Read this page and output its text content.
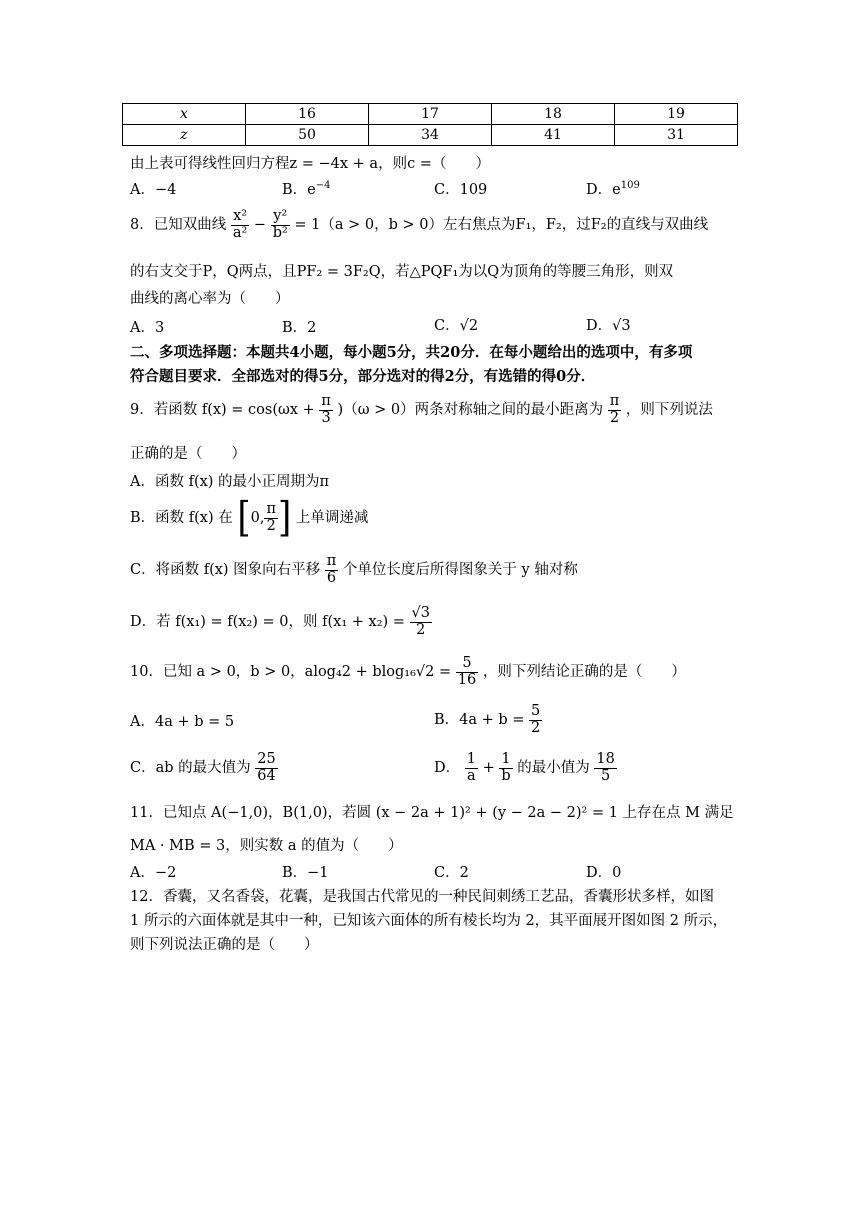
x	16	17	18	19
z	50	34	41	31
由上表可得线性回归方程z = −4x + a，则c =（　　）
A．−4	B．$e^{-4}$	C．109	D．$e^{109}$
8．已知双曲线 $\frac{\text{x²}}{\text{a²}} - \frac{\text{y²}}{\text{b²}} = 1(a > 0$，b > 0）左右焦点为F₁，F₂，过F₂的直线与双曲线
的右支交于P，Q两点，且PF₂ = 3F₂Q，若△PQF₁为以Q为顶角的等腰三角形，则双
曲线的离心率为（　　）
A．3	B．2	C．√2	D．√3
二、多项选择题：本题共4小题，每小题5分，共20分．在每小题给出的选项中，有多项
符合题目要求．全部选对的得5分，部分选对的得2分，有选错的得0分．
9．若函数 $f(x) = \cos(\omega x + \frac{\pi}{3} )(\omega > 0)$两条对称轴之间的最小距离为 $\frac{\pi}{2}$ ，则下列说法
正确的是（　　）
A．函数 f(x) 的最小正周期为π
B．函数 f(x) 在 [0, $\frac{\pi}{2}$ ] 上单调递减
C．将函数 f(x) 图象向右平移 $\frac{\pi}{6}$ 个单位长度后所得图象关于 y 轴对称
D．若 f(x₁) = f(x₂) = 0，则 $f(x_1 + x_2) = \frac{√3}{2}$
10．已知 a > 0，b > 0，$alog_42 + blog_{16}√2 = \frac{5}{16}$ ，则下列结论正确的是（　　）
A．4a + b = 5	B．$4a + b = \frac{5}{2}$
C．ab 的最大值为 $\frac{25}{64}$	D． $\frac{1}{a} + \frac{1}{b}$ 的最小值为 $\frac{18}{5}$
11．已知点 A(−1,0)，B(1,0)，若圆 (x − 2a + 1)² + (y − 2a − 2)² = 1 上存在点 M 满足
MA · MB = 3，则实数 a 的值为（　　）
A．−2	B．−1	C．2	D．0
12．香囊，又名香袋，花囊，是我国古代常见的一种民间刺绣工艺品，香囊形状多样，如图
1 所示的六面体就是其中一种，已知该六面体的所有棱长均为 2，其平面展开图如图 2 所示，
则下列说法正确的是（　　）
